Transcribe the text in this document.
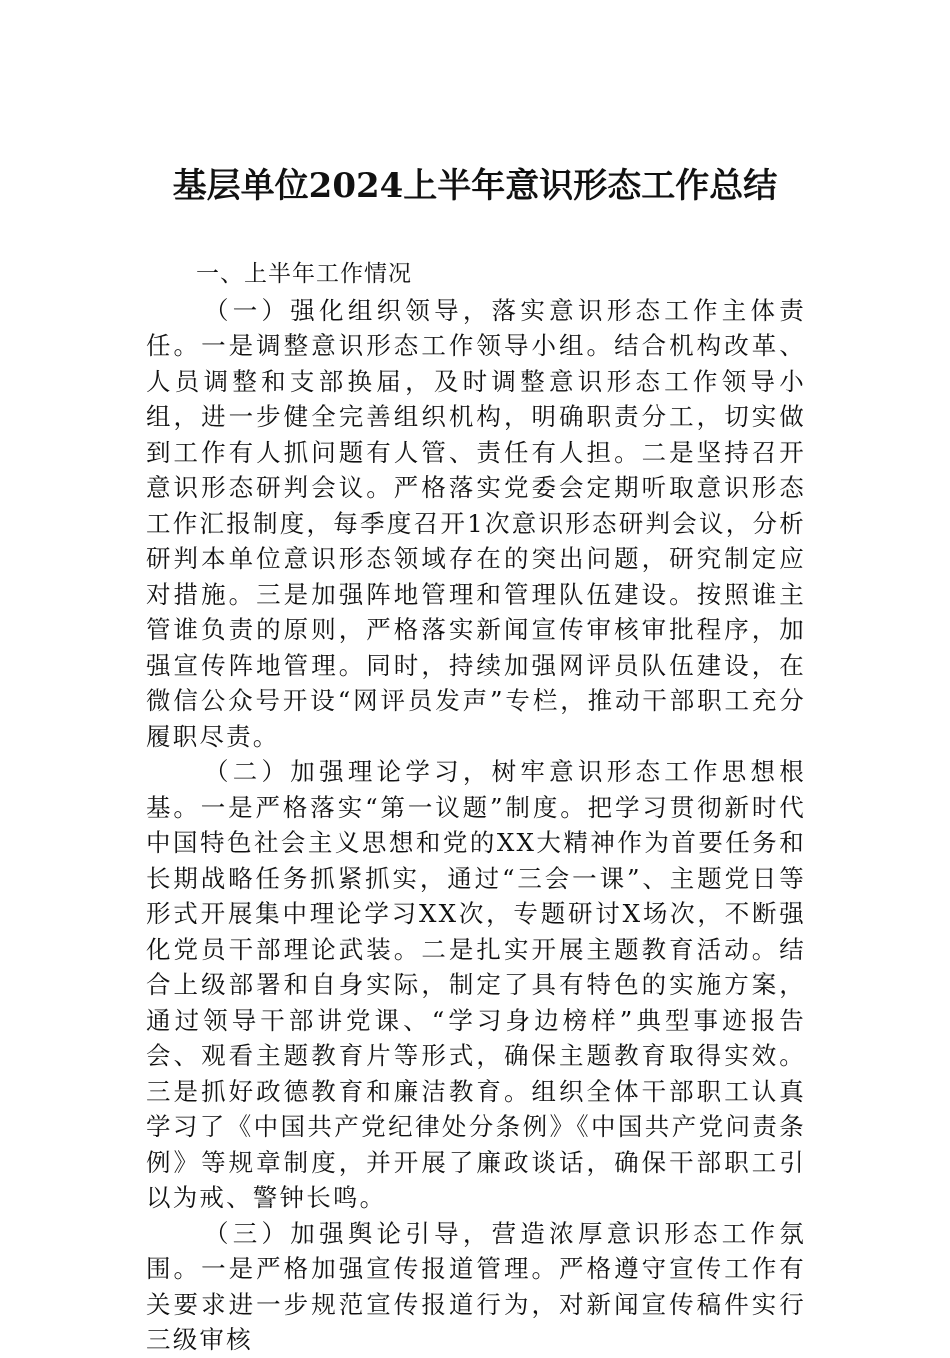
基层单位2024上半年意识形态工作总结

一、上半年工作情况

（一）强化组织领导，落实意识形态工作主体责任。一是调整意识形态工作领导小组。结合机构改革、人员调整和支部换届，及时调整意识形态工作领导小组，进一步健全完善组织机构，明确职责分工，切实做到工作有人抓问题有人管、责任有人担。二是坚持召开意识形态研判会议。严格落实党委会定期听取意识形态工作汇报制度，每季度召开1次意识形态研判会议，分析研判本单位意识形态领域存在的突出问题，研究制定应对措施。三是加强阵地管理和管理队伍建设。按照谁主管谁负责的原则，严格落实新闻宣传审核审批程序，加强宣传阵地管理。同时，持续加强网评员队伍建设，在微信公众号开设“网评员发声”专栏，推动干部职工充分履职尽责。

（二）加强理论学习，树牢意识形态工作思想根基。一是严格落实“第一议题”制度。把学习贯彻新时代中国特色社会主义思想和党的XX大精神作为首要任务和长期战略任务抓紧抓实，通过“三会一课”、主题党日等形式开展集中理论学习XX次，专题研讨X场次，不断强化党员干部理论武装。二是扎实开展主题教育活动。结合上级部署和自身实际，制定了具有特色的实施方案，通过领导干部讲党课、“学习身边榜样”典型事迹报告会、观看主题教育片等形式，确保主题教育取得实效。三是抓好政德教育和廉洁教育。组织全体干部职工认真学习了《中国共产党纪律处分条例》《中国共产党问责条例》等规章制度，并开展了廉政谈话，确保干部职工引以为戒、警钟长鸣。

（三）加强舆论引导，营造浓厚意识形态工作氛围。一是严格加强宣传报道管理。严格遵守宣传工作有关要求进一步规范宣传报道行为，对新闻宣传稿件实行三级审核
